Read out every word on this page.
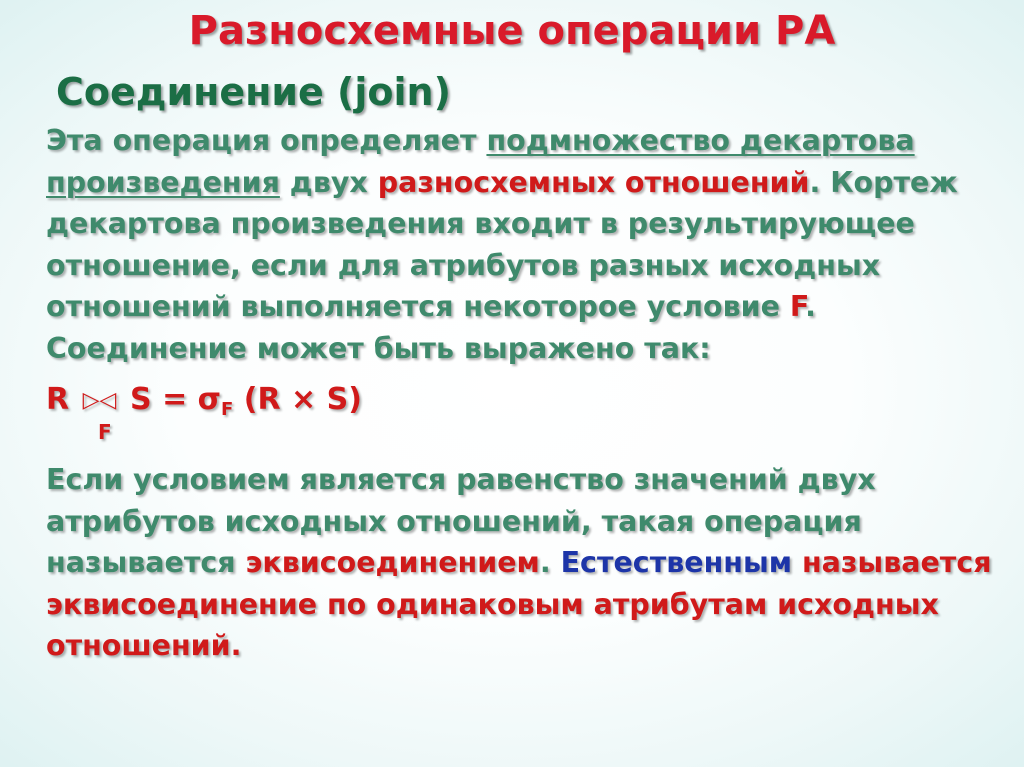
Разносхемные операции РА
Соединение (join)
Эта операция определяет подмножество декартова произведения двух разносхемных отношений. Кортеж декартова произведения входит в результирующее отношение, если для атрибутов разных исходных отношений выполняется некоторое условие F.
Соединение может быть выражено так:
R ▷◁ $S = \sigma_F$ (R × S)
F
Если условием является равенство значений двух атрибутов исходных отношений, такая операция называется эквисоединением. Естественным называется эквисоединение по одинаковым атрибутам исходных отношений.
